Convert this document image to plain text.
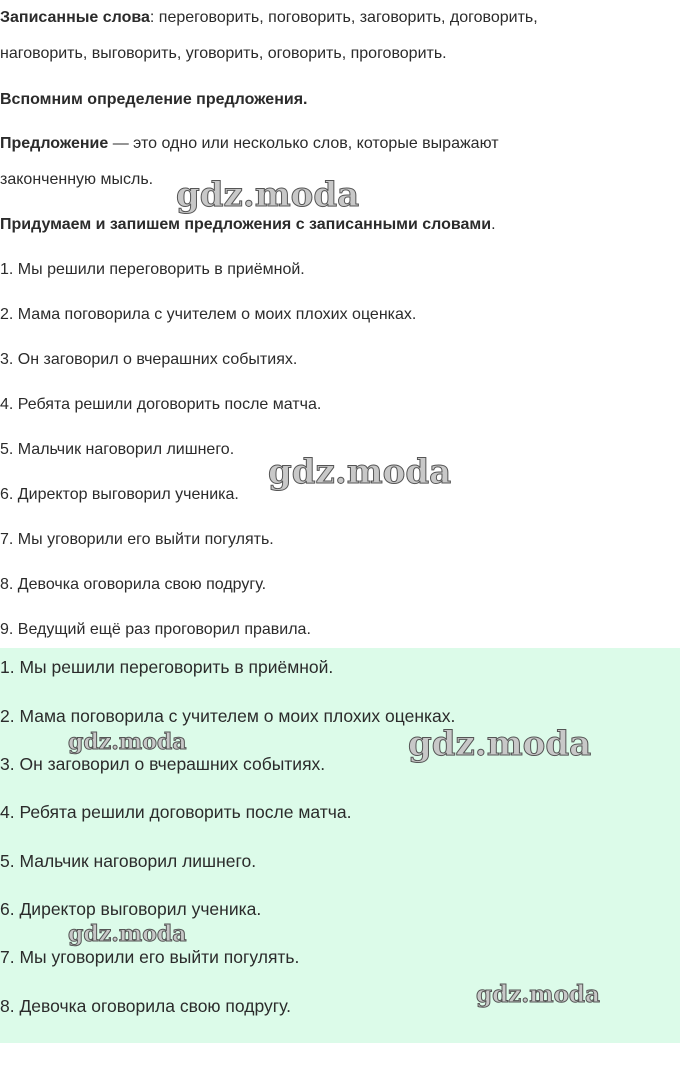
Записанные слова: переговорить, поговорить, заговорить, договорить,

наговорить, выговорить, уговорить, оговорить, проговорить.

Вспомним определение предложения.

Предложение — это одно или несколько слов, которые выражают

законченную мысль.

Придумаем и запишем предложения с записанными словами.

1. Мы решили переговорить в приёмной.

2. Мама поговорила с учителем о моих плохих оценках.

3. Он заговорил о вчерашних событиях.

4. Ребята решили договорить после матча.

5. Мальчик наговорил лишнего.

6. Директор выговорил ученика.

7. Мы уговорили его выйти погулять.

8. Девочка оговорила свою подругу.

9. Ведущий ещё раз проговорил правила.

1. Мы решили переговорить в приёмной.

2. Мама поговорила с учителем о моих плохих оценках.

3. Он заговорил о вчерашних событиях.

4. Ребята решили договорить после матча.

5. Мальчик наговорил лишнего.

6. Директор выговорил ученика.

7. Мы уговорили его выйти погулять.

8. Девочка оговорила свою подругу.

gdz.moda
gdz.moda
gdz.moda	gdz.moda
gdz.moda
gdz.moda
